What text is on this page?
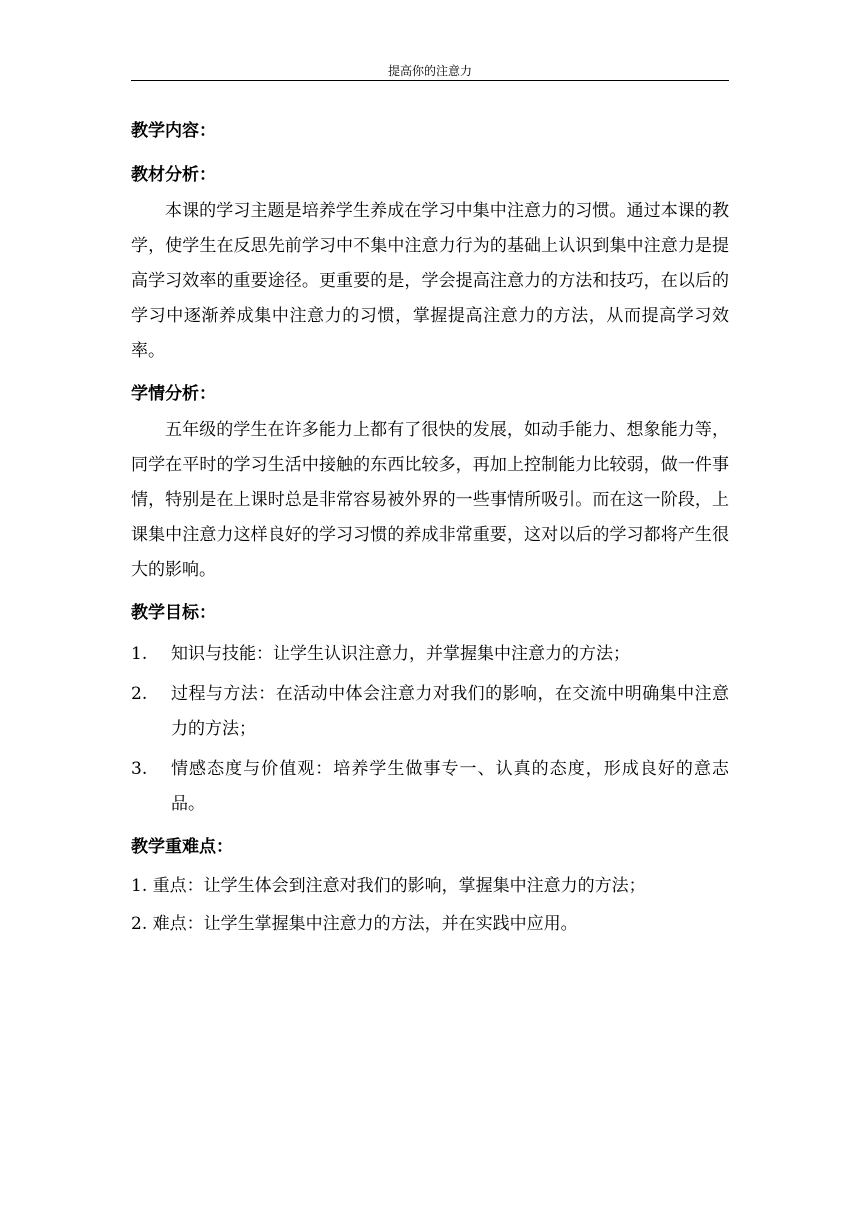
提高你的注意力
教学内容：
教材分析：

本课的学习主题是培养学生养成在学习中集中注意力的习惯。通过本课的教学，使学生在反思先前学习中不集中注意力行为的基础上认识到集中注意力是提高学习效率的重要途径。更重要的是，学会提高注意力的方法和技巧，在以后的学习中逐渐养成集中注意力的习惯，掌握提高注意力的方法，从而提高学习效率。

学情分析：

五年级的学生在许多能力上都有了很快的发展，如动手能力、想象能力等，同学在平时的学习生活中接触的东西比较多，再加上控制能力比较弱，做一件事情，特别是在上课时总是非常容易被外界的一些事情所吸引。而在这一阶段，上课集中注意力这样良好的学习习惯的养成非常重要，这对以后的学习都将产生很大的影响。

教学目标：
1.	知识与技能：让学生认识注意力，并掌握集中注意力的方法；
2.	过程与方法：在活动中体会注意力对我们的影响，在交流中明确集中注意力的方法；
3.	情感态度与价值观：培养学生做事专一、认真的态度，形成良好的意志品。
教学重难点：
1. 重点：让学生体会到注意对我们的影响，掌握集中注意力的方法；
2. 难点：让学生掌握集中注意力的方法，并在实践中应用。
